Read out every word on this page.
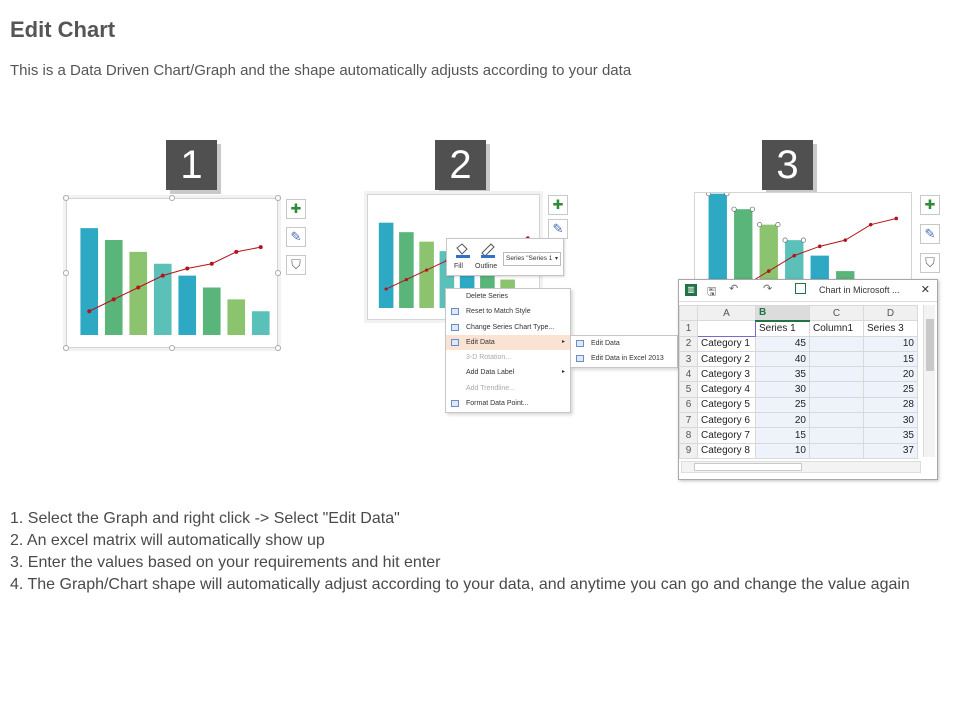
Edit Chart
This is a Data Driven Chart/Graph and the shape automatically adjusts according to your data
1	2	3
✚
✎
⛉
✚
✎
Fill Outline
Series "Series 1 ▾
Delete Series
Reset to Match Style
Change Series Chart Type...
Edit Data	▸
3-D Rotation...
Add Data Label	▸
Add Trendline...
Format Data Point...
Edit Data
Edit Data in Excel 2013
✚
✎
⛉
▥ 🖫 ↶ ↷	Chart in Microsoft ... ✕
	A	B	C	D
1		Series 1	Column1	Series 3
2	Category 1	45		10
3	Category 2	40		15
4	Category 3	35		20
5	Category 4	30		25
6	Category 5	25		28
7	Category 6	20		30
8	Category 7	15		35
9	Category 8	10		37
1. Select the Graph and right click -> Select "Edit Data"
2. An excel matrix will automatically show up
3. Enter the values based on your requirements and hit enter
4. The Graph/Chart shape will automatically adjust according to your data, and anytime you can go and change the value again
